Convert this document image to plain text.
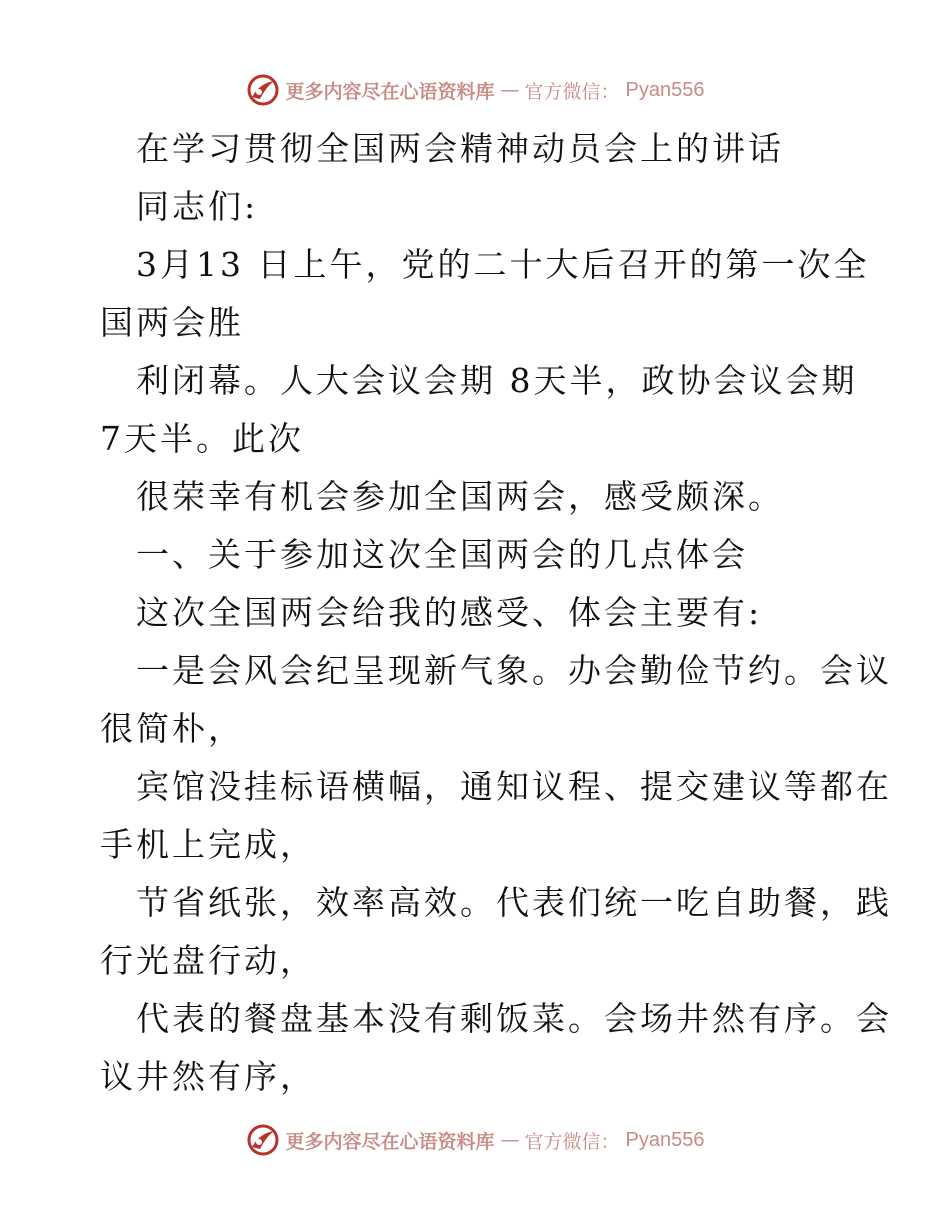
更多内容尽在心语资料库 — 官方微信： Pyan556
在学习贯彻全国两会精神动员会上的讲话
同志们:
3月13 日上午，党的二十大后召开的第一次全
国两会胜
利闭幕。人大会议会期 8天半，政协会议会期
7天半。此次
很荣幸有机会参加全国两会，感受颇深。
一、关于参加这次全国两会的几点体会
这次全国两会给我的感受、体会主要有:
一是会风会纪呈现新气象。办会勤俭节约。会议
很简朴，
宾馆没挂标语横幅，通知议程、提交建议等都在
手机上完成，
节省纸张，效率高效。代表们统一吃自助餐，践
行光盘行动，
代表的餐盘基本没有剩饭菜。会场井然有序。会
议井然有序，
更多内容尽在心语资料库 — 官方微信： Pyan556
